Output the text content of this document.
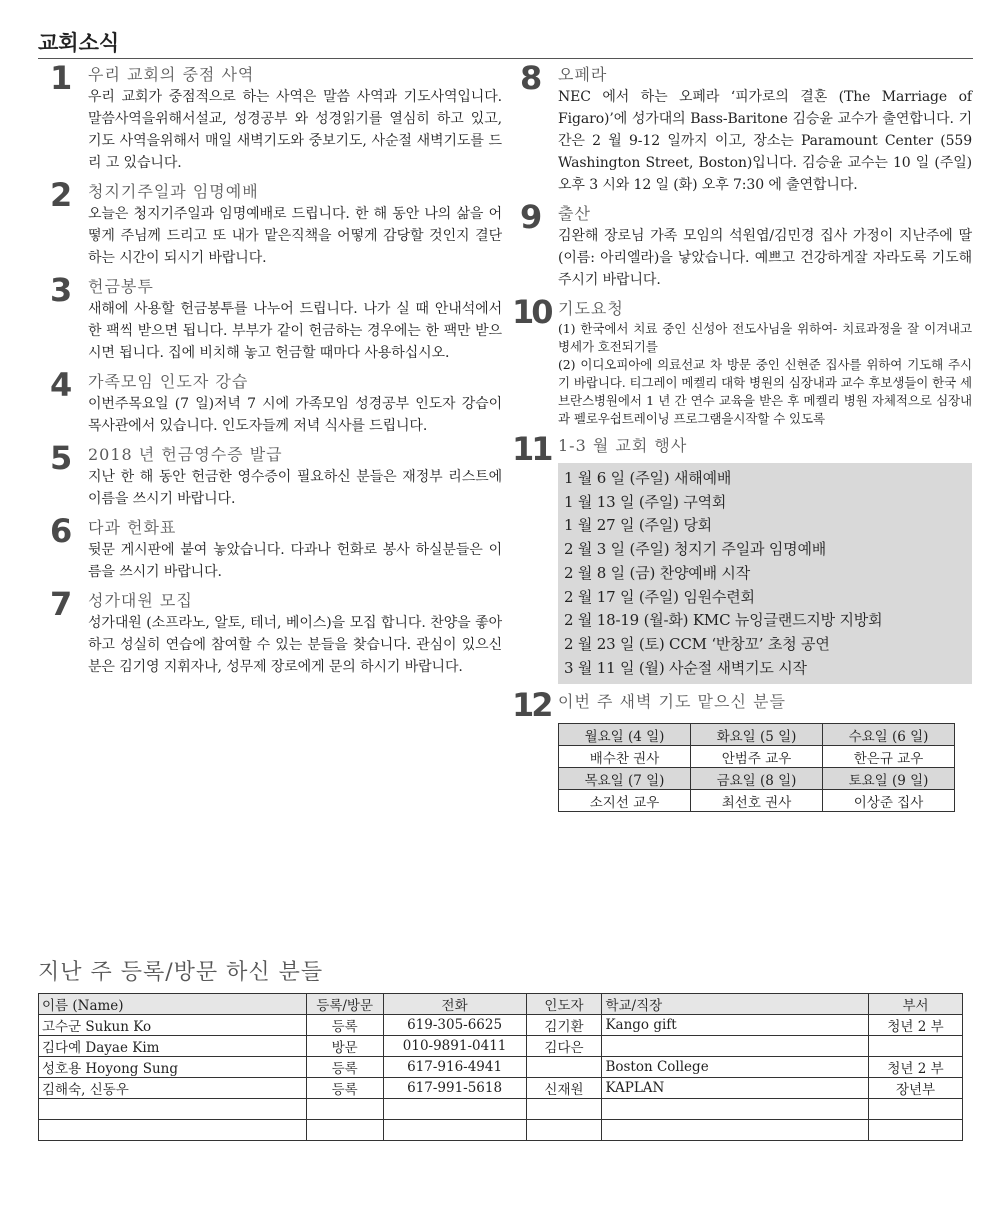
교회소식
1 우리 교회의 중점 사역
우리 교회가 중점적으로 하는 사역은 말씀 사역과 기도사역입니다. 말씀사역을위해서설교, 성경공부 와 성경읽기를 열심히 하고 있고, 기도 사역을위해서 매일 새벽기도와 중보기도, 사순절 새벽기도를 드리 고 있습니다.
2 청지기주일과 임명예배
오늘은 청지기주일과 임명예배로 드립니다. 한 해 동안 나의 삶을 어떻게 주님께 드리고 또 내가 맡은직책을 어떻게 감당할 것인지 결단하는 시간이 되시기 바랍니다.
3 헌금봉투
새해에 사용할 헌금봉투를 나누어 드립니다. 나가 실 때 안내석에서 한 팩씩 받으면 됩니다. 부부가 같이 헌금하는 경우에는 한 팩만 받으시면 됩니다. 집에 비치해 놓고 헌금할 때마다 사용하십시오.
4 가족모임 인도자 강습
이번주목요일 (7 일)저녁 7 시에 가족모임 성경공부 인도자 강습이 목사관에서 있습니다. 인도자들께 저녁 식사를 드립니다.
5 2018 년 헌금영수증 발급
지난 한 해 동안 헌금한 영수증이 필요하신 분들은 재정부 리스트에 이름을 쓰시기 바랍니다.
6 다과 헌화표
뒷문 게시판에 붙여 놓았습니다. 다과나 헌화로 봉사 하실분들은 이름을 쓰시기 바랍니다.
7 성가대원 모집
성가대원 (소프라노, 알토, 테너, 베이스)을 모집 합니다. 찬양을 좋아하고 성실히 연습에 참여할 수 있는 분들을 찾습니다. 관심이 있으신 분은 김기영 지휘자나, 성무제 장로에게 문의 하시기 바랍니다.
8 오페라
NEC 에서 하는 오페라 ‘피가로의 결혼 (The Marriage of Figaro)’에 성가대의 Bass-Baritone 김승윤 교수가 출연합니다. 기간은 2 월 9-12 일까지 이고, 장소는 Paramount Center (559 Washington Street, Boston)입니다. 김승윤 교수는 10 일 (주일) 오후 3 시와 12 일 (화) 오후 7:30 에 출연합니다.
9 출산
김완해 장로님 가족 모임의 석원엽/김민경 집사 가정이 지난주에 딸(이름: 아리엘라)을 낳았습니다. 예쁘고 건강하게잘 자라도록 기도해 주시기 바랍니다.
10 기도요청
(1) 한국에서 치료 중인 신성아 전도사님을 위하여- 치료과정을 잘 이겨내고 병세가 호전되기를
(2) 이디오피아에 의료선교 차 방문 중인 신현준 집사를 위하여 기도해 주시기 바랍니다. 티그레이 메켈리 대학 병원의 심장내과 교수 후보생들이 한국 세브란스병원에서 1 년 간 연수 교육을 받은 후 메켈리 병원 자체적으로 심장내과 펠로우쉽트레이닝 프로그램을시작할 수 있도록
11 1-3 월 교회 행사
1 월 6 일 (주일) 새해예배
1 월 13 일 (주일) 구역회
1 월 27 일 (주일) 당회
2 월 3 일 (주일) 청지기 주일과 임명예배
2 월 8 일 (금) 찬양예배 시작
2 월 17 일 (주일) 임원수련회
2 월 18-19 (월-화) KMC 뉴잉글랜드지방 지방회
2 월 23 일 (토) CCM ‘반창꼬’ 초청 공연
3 월 11 일 (월) 사순절 새벽기도 시작
12 이번 주 새벽 기도 맡으신 분들
월요일 (4 일)	화요일 (5 일)	수요일 (6 일)
배수찬 권사	안범주 교우	한은규 교우
목요일 (7 일)	금요일 (8 일)	토요일 (9 일)
소지선 교우	최선호 권사	이상준 집사
지난 주 등록/방문 하신 분들
이름 (Name)	등록/방문	전화	인도자	학교/직장	부서
고수군 Sukun Ko	등록	619-305-6625	김기환	Kango gift	청년 2 부
김다예 Dayae Kim	방문	010-9891-0411	김다은		
성호용 Hoyong Sung	등록	617-916-4941		Boston College	청년 2 부
김해숙, 신동우	등록	617-991-5618	신재원	KAPLAN	장년부
